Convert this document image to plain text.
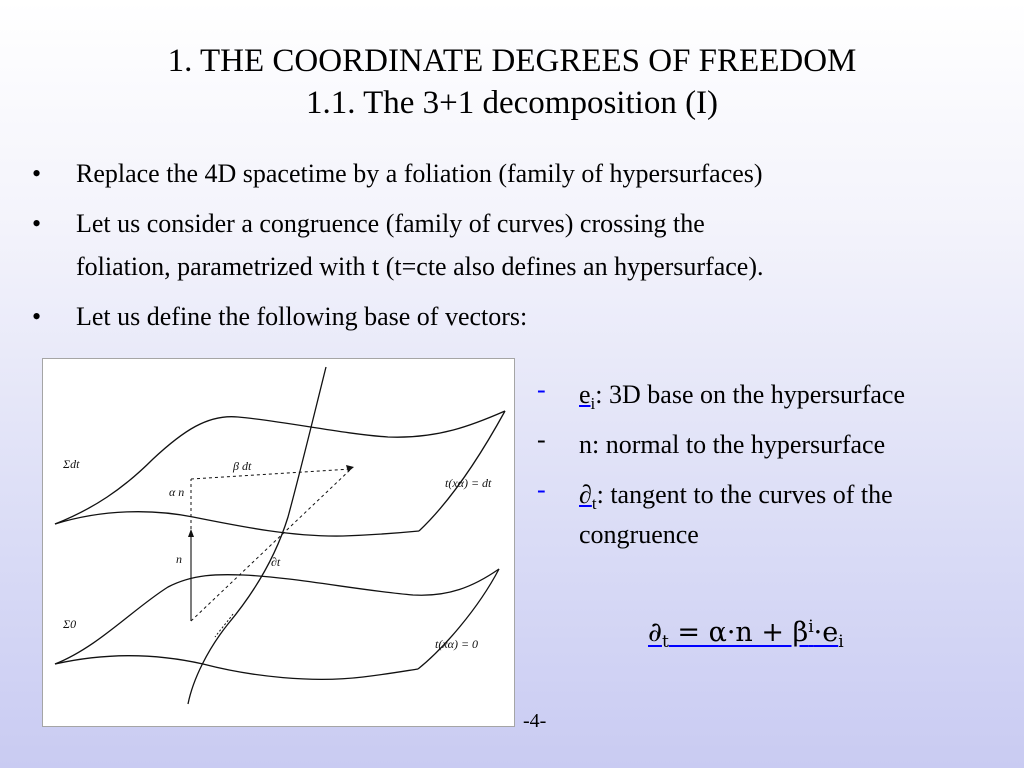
1. THE COORDINATE DEGREES OF FREEDOM
1.1. The 3+1 decomposition (I)
• Replace the 4D spacetime by a foliation (family of hypersurfaces)
• Let us consider a congruence (family of curves) crossing the
foliation, parametrized with t (t=cte also defines an hypersurface).
• Let us define the following base of vectors:
Σdt
Σ0
β dt
α n
n	∂t
t(xα) = dt
t(xα) = 0
- $e_i$: 3D base on the hypersurface
- n: normal to the hypersurface
- $\partial_t$: tangent to the curves of the
congruence
$\partial_t = \alpha\cdot n + \beta^i\cdot e_i$
-4-
